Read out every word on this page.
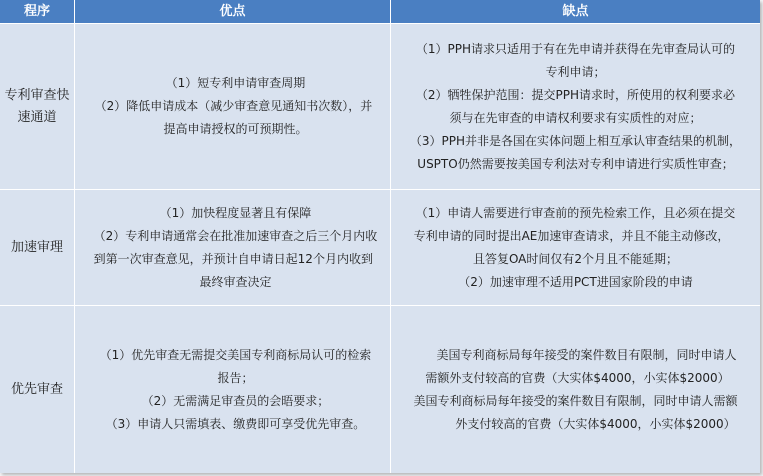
程序	优点	缺点
专利审查快
速通道
（1）短专利申请审查周期
（2）降低申请成本（减少审查意见通知书次数），并
提高申请授权的可预期性。
（1）PPH请求只适用于有在先申请并获得在先审查局认可的
专利申请；
（2）牺牲保护范围：提交PPH请求时，所使用的权利要求必
须与在先审查的申请权利要求有实质性的对应；
（3）PPH并非是各国在实体问题上相互承认审查结果的机制，
USPTO仍然需要按美国专利法对专利申请进行实质性审查；
加速审理
（1）加快程度显著且有保障
（2）专利申请通常会在批准加速审查之后三个月内收
到第一次审查意见，并预计自申请日起12个月内收到
最终审查决定
（1）申请人需要进行审查前的预先检索工作，且必须在提交
专利申请的同时提出AE加速审查请求，并且不能主动修改，
且答复OA时间仅有2个月且不能延期；
（2）加速审理不适用PCT进国家阶段的申请
优先审查
（1）优先审查无需提交美国专利商标局认可的检索
报告；
（2）无需满足审查员的会晤要求；
（3）申请人只需填表、缴费即可享受优先审查。
美国专利商标局每年接受的案件数目有限制，同时申请人
需额外支付较高的官费（大实体$4000，小实体$2000）
美国专利商标局每年接受的案件数目有限制，同时申请人需额
外支付较高的官费（大实体$4000，小实体$2000）
